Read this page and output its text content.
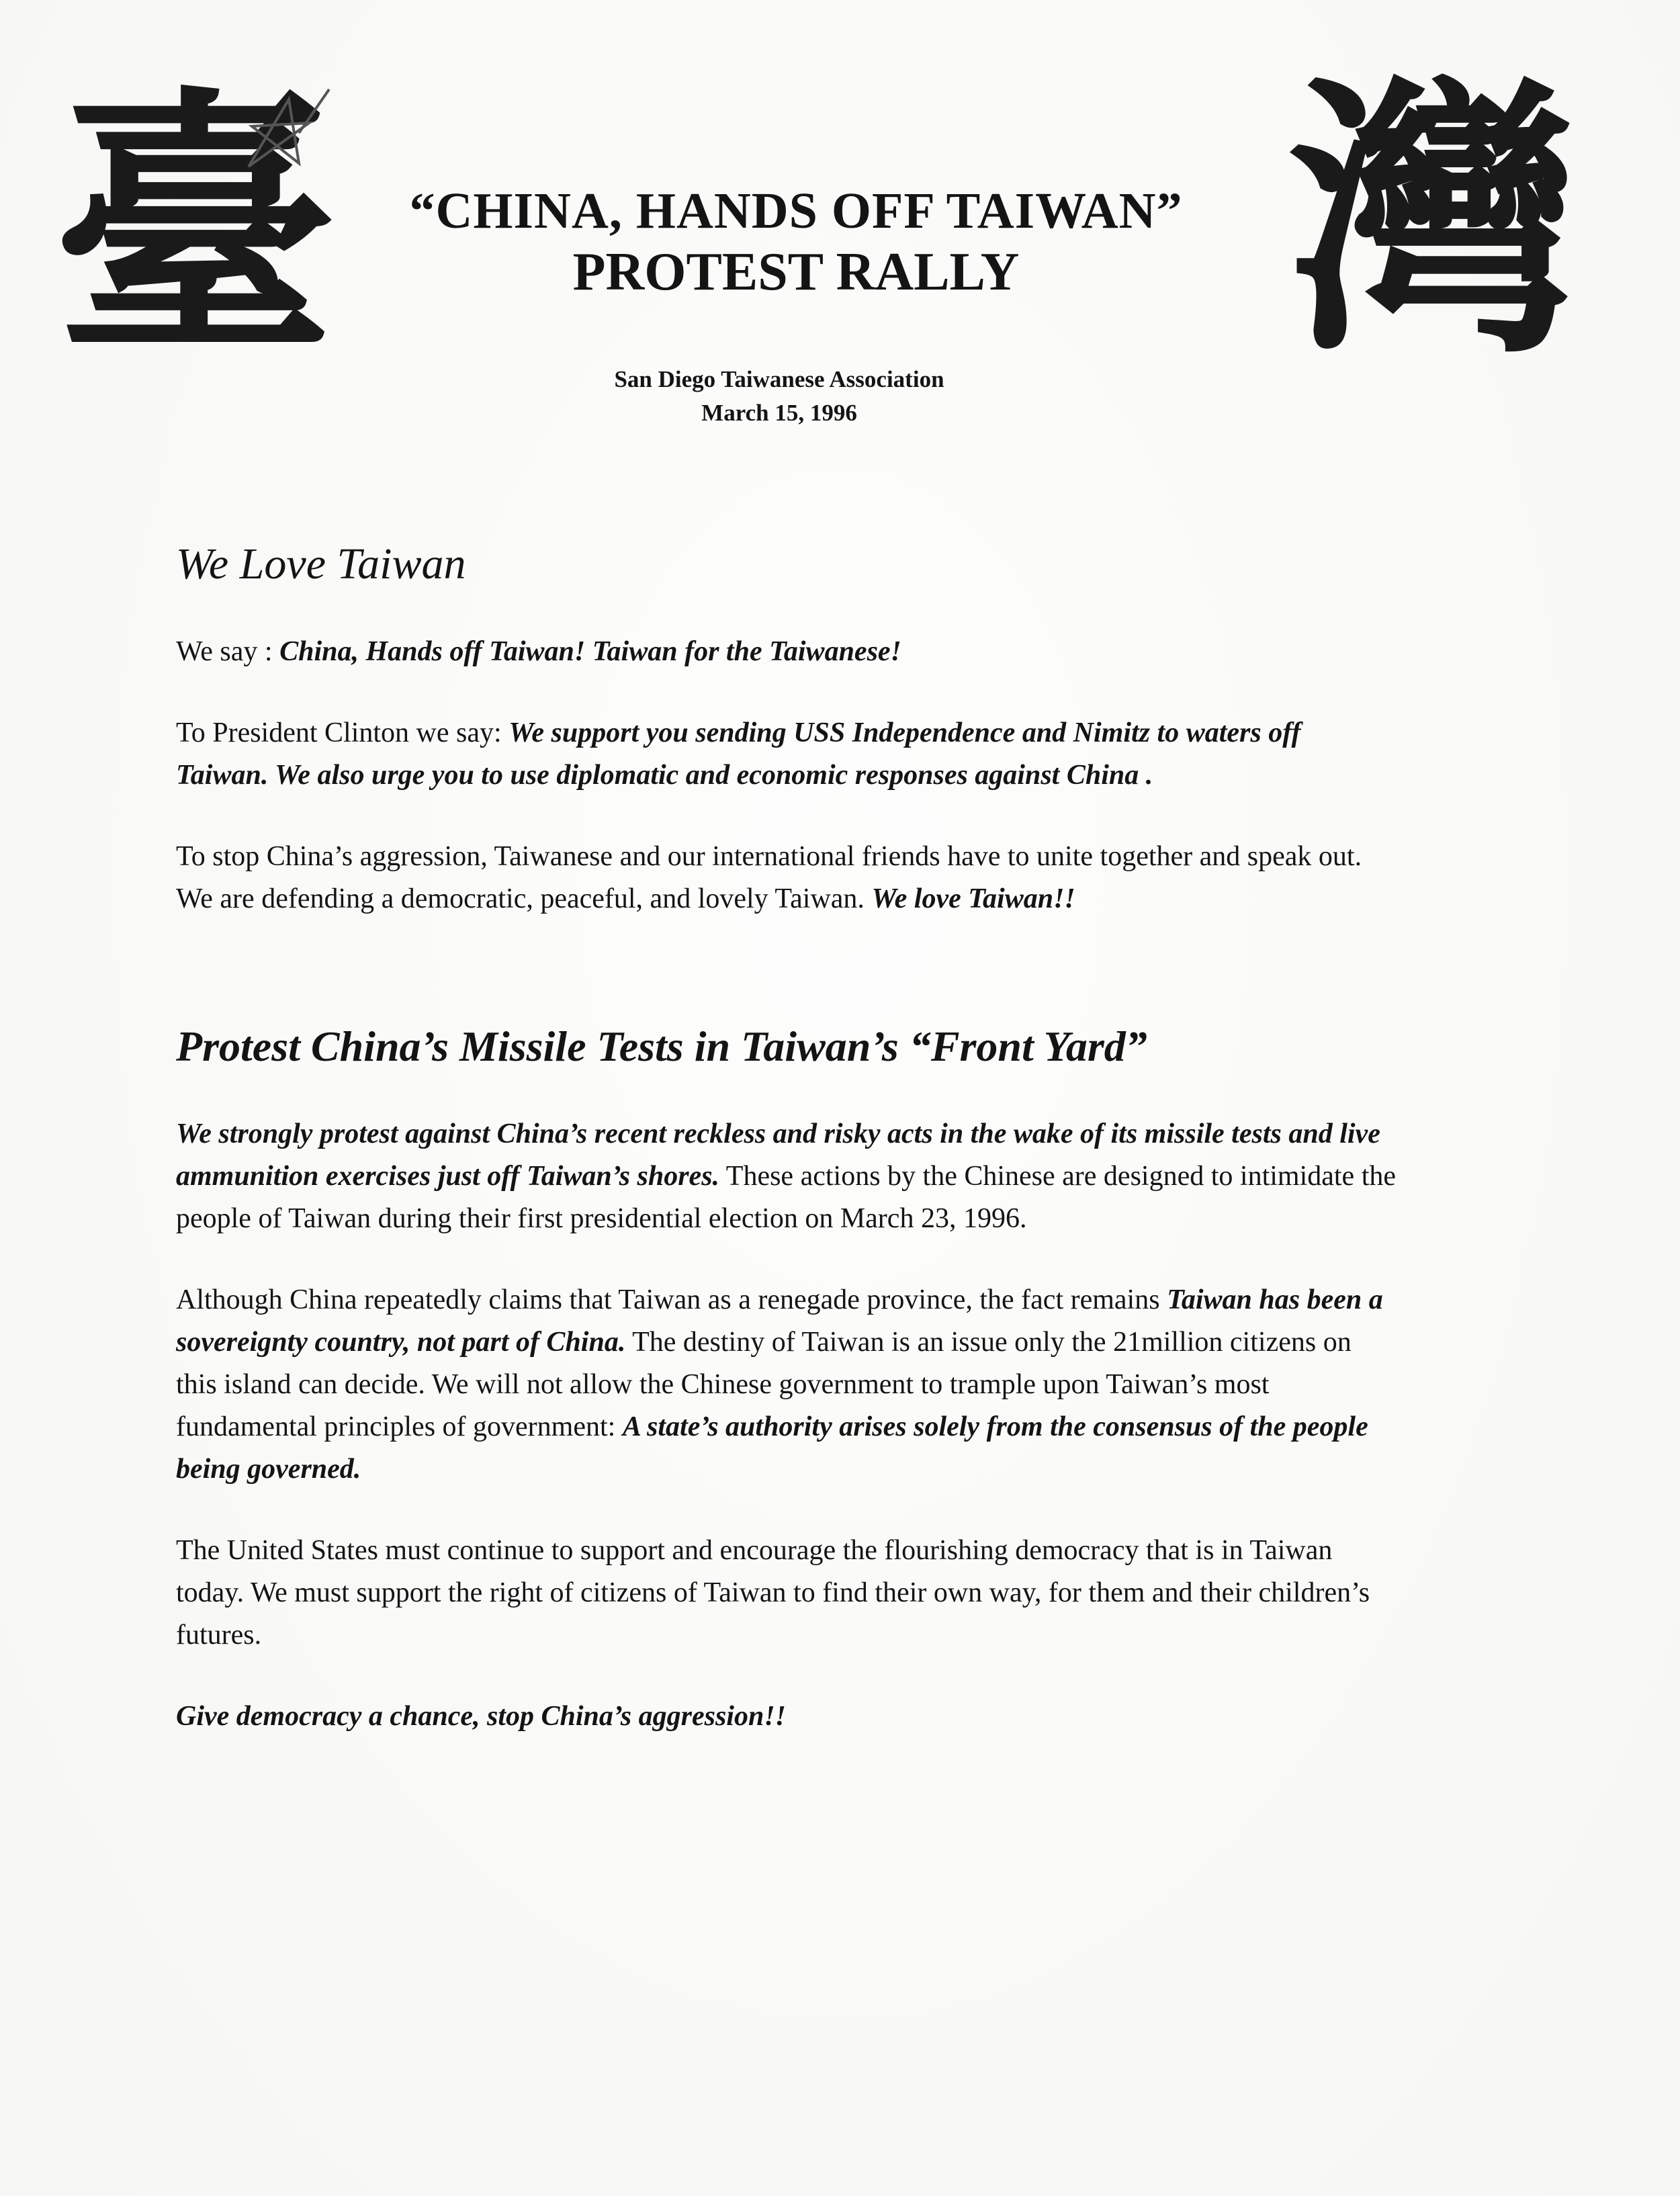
臺	灣
“CHINA, HANDS OFF TAIWAN”
PROTEST RALLY
San Diego Taiwanese Association
March 15, 1996
We Love Taiwan

We say : China, Hands off Taiwan! Taiwan for the Taiwanese!

To President Clinton we say: We support you sending USS Independence and Nimitz to waters off Taiwan. We also urge you to use diplomatic and economic responses against China .

To stop China’s aggression, Taiwanese and our international friends have to unite together and speak out. We are defending a democratic, peaceful, and lovely Taiwan. We love Taiwan!!

Protest China’s Missile Tests in Taiwan’s “Front Yard”

We strongly protest against China’s recent reckless and risky acts in the wake of its missile tests and live ammunition exercises just off Taiwan’s shores. These actions by the Chinese are designed to intimidate the people of Taiwan during their first presidential election on March 23, 1996.

Although China repeatedly claims that Taiwan as a renegade province, the fact remains Taiwan has been a sovereignty country, not part of China. The destiny of Taiwan is an issue only the 21million citizens on this island can decide. We will not allow the Chinese government to trample upon Taiwan’s most fundamental principles of government: A state’s authority arises solely from the consensus of the people being governed.

The United States must continue to support and encourage the flourishing democracy that is in Taiwan today. We must support the right of citizens of Taiwan to find their own way, for them and their children’s futures.

Give democracy a chance, stop China’s aggression!!
